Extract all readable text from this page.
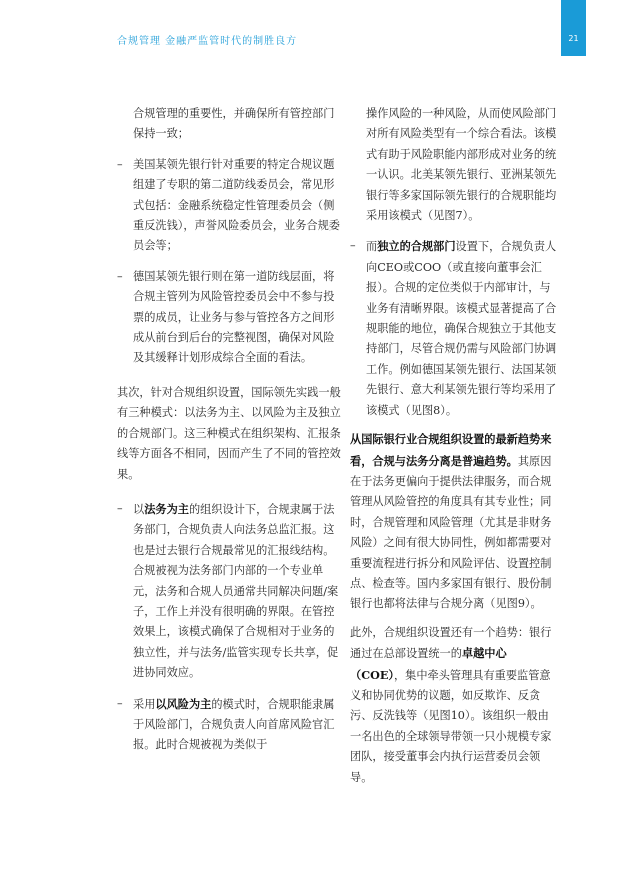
合规管理 金融严监管时代的制胜良方	21

合规管理的重要性，并确保所有管控部门保持一致；

– 美国某领先银行针对重要的特定合规议题组建了专职的第二道防线委员会，常见形式包括：金融系统稳定性管理委员会（侧重反洗钱），声誉风险委员会，业务合规委员会等；

– 德国某领先银行则在第一道防线层面，将合规主管列为风险管控委员会中不参与投票的成员，让业务与参与管控各方之间形成从前台到后台的完整视图，确保对风险及其缓释计划形成综合全面的看法。

其次，针对合规组织设置，国际领先实践一般有三种模式：以法务为主、以风险为主及独立的合规部门。这三种模式在组织架构、汇报条线等方面各不相同，因而产生了不同的管控效果。

– 以法务为主的组织设计下，合规隶属于法务部门，合规负责人向法务总监汇报。这也是过去银行合规最常见的汇报线结构。合规被视为法务部门内部的一个专业单元，法务和合规人员通常共同解决问题/案子，工作上并没有很明确的界限。在管控效果上，该模式确保了合规相对于业务的独立性，并与法务/监管实现专长共享，促进协同效应。

– 采用以风险为主的模式时，合规职能隶属于风险部门，合规负责人向首席风险官汇报。此时合规被视为类似于

操作风险的一种风险，从而使风险部门对所有风险类型有一个综合看法。该模式有助于风险职能内部形成对业务的统一认识。北美某领先银行、亚洲某领先银行等多家国际领先银行的合规职能均采用该模式（见图7）。

– 而独立的合规部门设置下，合规负责人向CEO或COO（或直接向董事会汇报）。合规的定位类似于内部审计，与业务有清晰界限。该模式显著提高了合规职能的地位，确保合规独立于其他支持部门，尽管合规仍需与风险部门协调工作。例如德国某领先银行、法国某领先银行、意大利某领先银行等均采用了该模式（见图8）。

从国际银行业合规组织设置的最新趋势来看，合规与法务分离是普遍趋势。其原因在于法务更偏向于提供法律服务，而合规管理从风险管控的角度具有其专业性；同时，合规管理和风险管理（尤其是非财务风险）之间有很大协同性，例如都需要对重要流程进行拆分和风险评估、设置控制点、检查等。国内多家国有银行、股份制银行也都将法律与合规分离（见图9）。

此外，合规组织设置还有一个趋势：银行通过在总部设置统一的卓越中心（COE），集中牵头管理具有重要监管意义和协同优势的议题，如反欺诈、反贪污、反洗钱等（见图10）。该组织一般由一名出色的全球领导带领一只小规模专家团队，接受董事会内执行运营委员会领导。
